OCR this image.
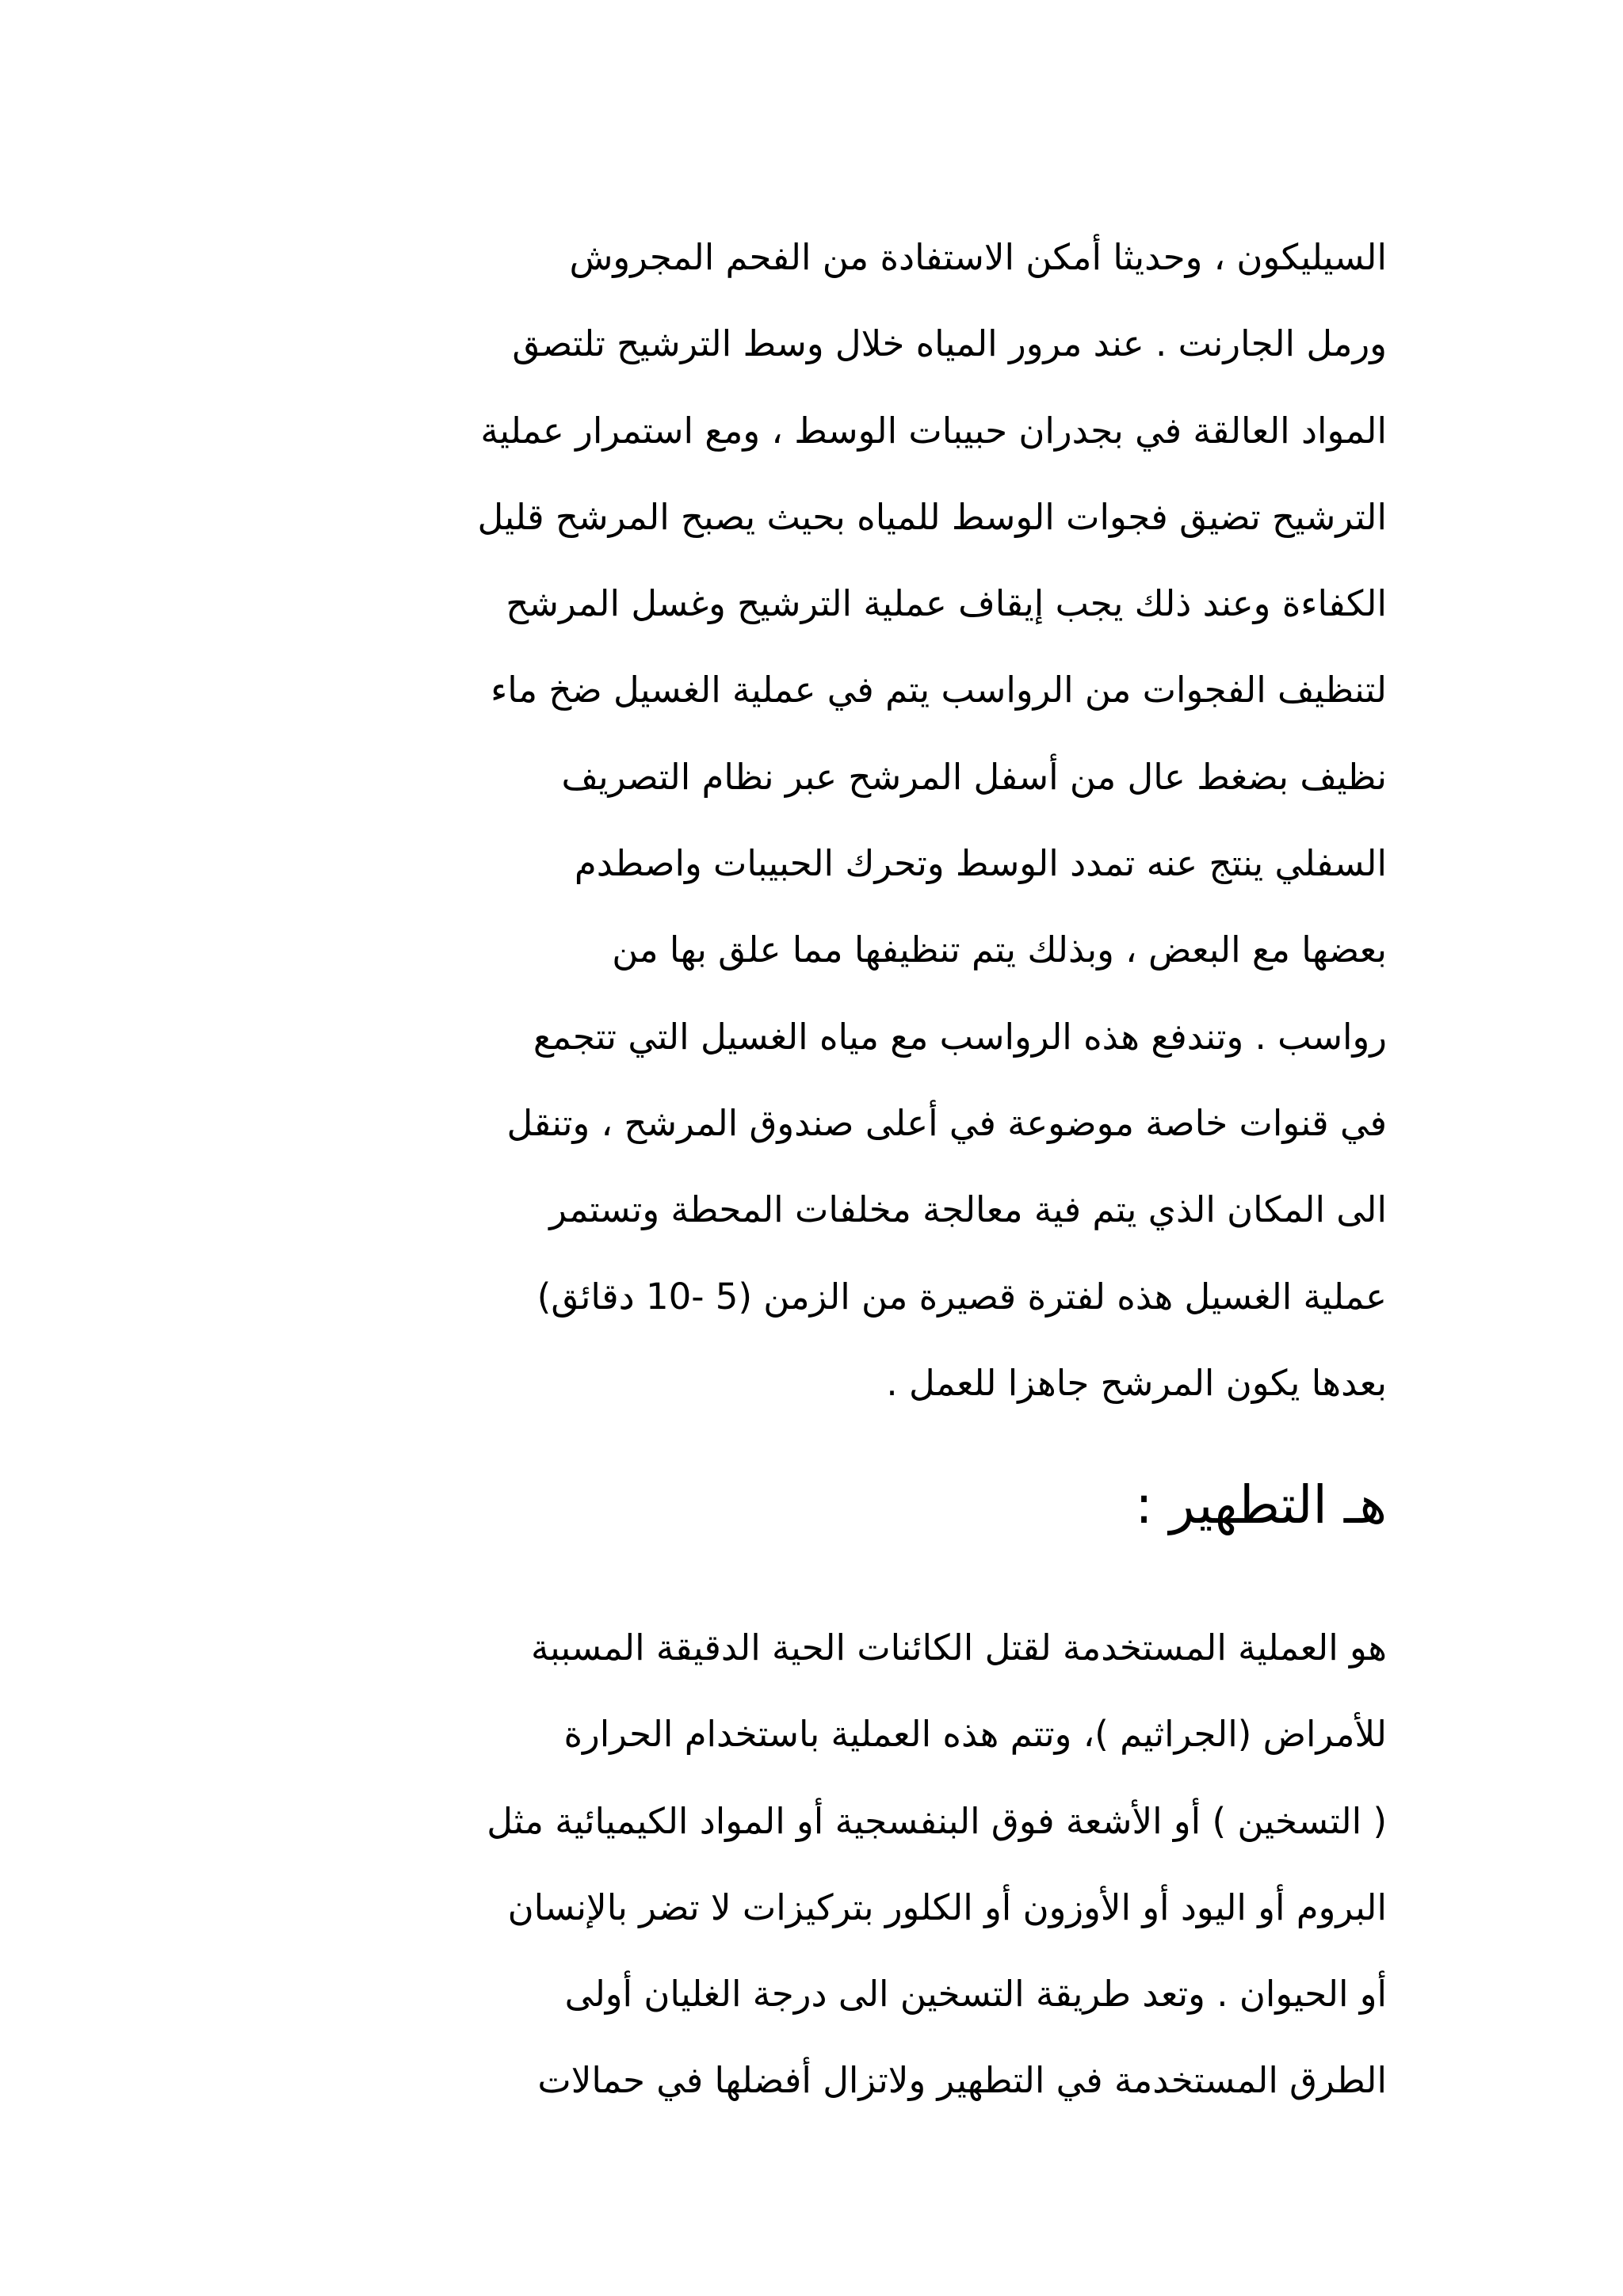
السيليكون ، وحديثا أمكن الاستفادة من الفحم المجروش
ورمل الجارنت . عند مرور المياه خلال وسط الترشيح تلتصق
المواد العالقة في بجدران حبيبات الوسط ، ومع استمرار عملية
الترشيح تضيق فجوات الوسط للمياه بحيث يصبح المرشح قليل
الكفاءة وعند ذلك يجب إيقاف عملية الترشيح وغسل المرشح
لتنظيف الفجوات من الرواسب يتم في عملية الغسيل ضخ ماء
نظيف بضغط عال من أسفل المرشح عبر نظام التصريف
السفلي ينتج عنه تمدد الوسط وتحرك الحبيبات واصطدم
بعضها مع البعض ، وبذلك يتم تنظيفها مما علق بها من
رواسب . وتندفع هذه الرواسب مع مياه الغسيل التي تتجمع
في قنوات خاصة موضوعة في أعلى صندوق المرشح ، وتنقل
الى المكان الذي يتم فية معالجة مخلفات المحطة وتستمر
عملية الغسيل هذه لفترة قصيرة من الزمن (5 -10 دقائق)
بعدها يكون المرشح جاهزا للعمل .
هـ التطهير :
هو العملية المستخدمة لقتل الكائنات الحية الدقيقة المسببة
للأمراض (الجراثيم )، وتتم هذه العملية باستخدام الحرارة
( التسخين ) أو الأشعة فوق البنفسجية أو المواد الكيميائية مثل
البروم أو اليود أو الأوزون أو الكلور بتركيزات لا تضر بالإنسان
أو الحيوان . وتعد طريقة التسخين الى درجة الغليان أولى
الطرق المستخدمة في التطهير ولاتزال أفضلها في حمالات
